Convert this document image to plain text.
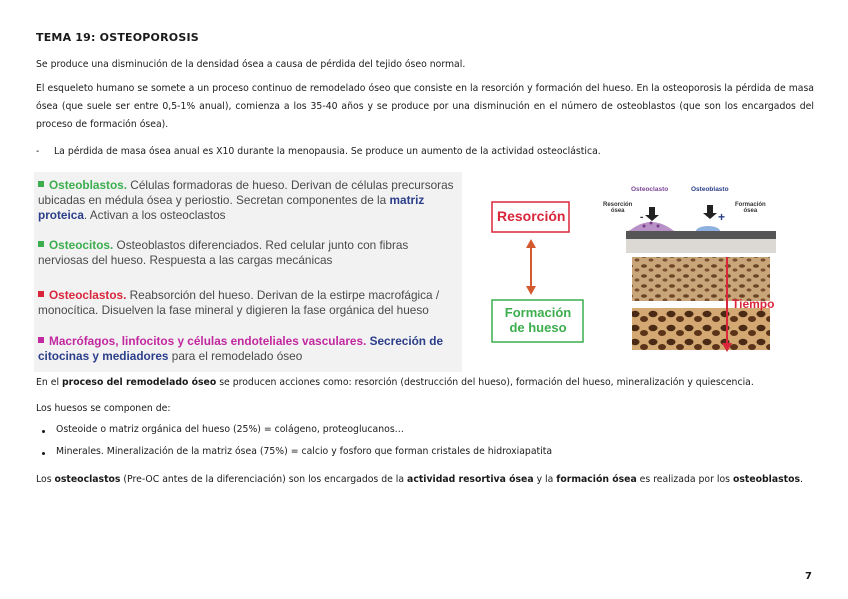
TEMA 19: OSTEOPOROSIS
Se produce una disminución de la densidad ósea a causa de pérdida del tejido óseo normal.
El esqueleto humano se somete a un proceso continuo de remodelado óseo que consiste en la resorción y formación del hueso. En la osteoporosis la pérdida de masa ósea (que suele ser entre 0,5-1% anual), comienza a los 35-40 años y se produce por una disminución en el número de osteoblastos (que son los encargados del proceso de formación ósea).
- La pérdida de masa ósea anual es X10 durante la menopausia. Se produce un aumento de la actividad osteoclástica.
Osteoblastos. Células formadoras de hueso. Derivan de células precursoras ubicadas en médula ósea y periostio. Secretan componentes de la matriz proteica. Activan a los osteoclastos
Osteocitos. Osteoblastos diferenciados. Red celular junto con fibras nerviosas del hueso. Respuesta a las cargas mecánicas
Osteoclastos. Reabsorción del hueso. Derivan de la estirpe macrofágica / monocítica. Disuelven la fase mineral y digieren la fase orgánica del hueso
Macrófagos, linfocitos y células endoteliales vasculares. Secreción de citocinas y mediadores para el remodelado óseo
Resorción
Formación
de hueso
Osteoclasto	Osteoblasto
Resorción
ósea
Formación
ósea
-	+
Tiempo
En el proceso del remodelado óseo se producen acciones como: resorción (destrucción del hueso), formación del hueso, mineralización y quiescencia.
Los huesos se componen de:
Osteoide o matriz orgánica del hueso (25%) = colágeno, proteoglucanos…
Minerales. Mineralización de la matriz ósea (75%) = calcio y fosforo que forman cristales de hidroxiapatita
Los osteoclastos (Pre-OC antes de la diferenciación) son los encargados de la actividad resortiva ósea y la formación ósea es realizada por los osteoblastos.
7
